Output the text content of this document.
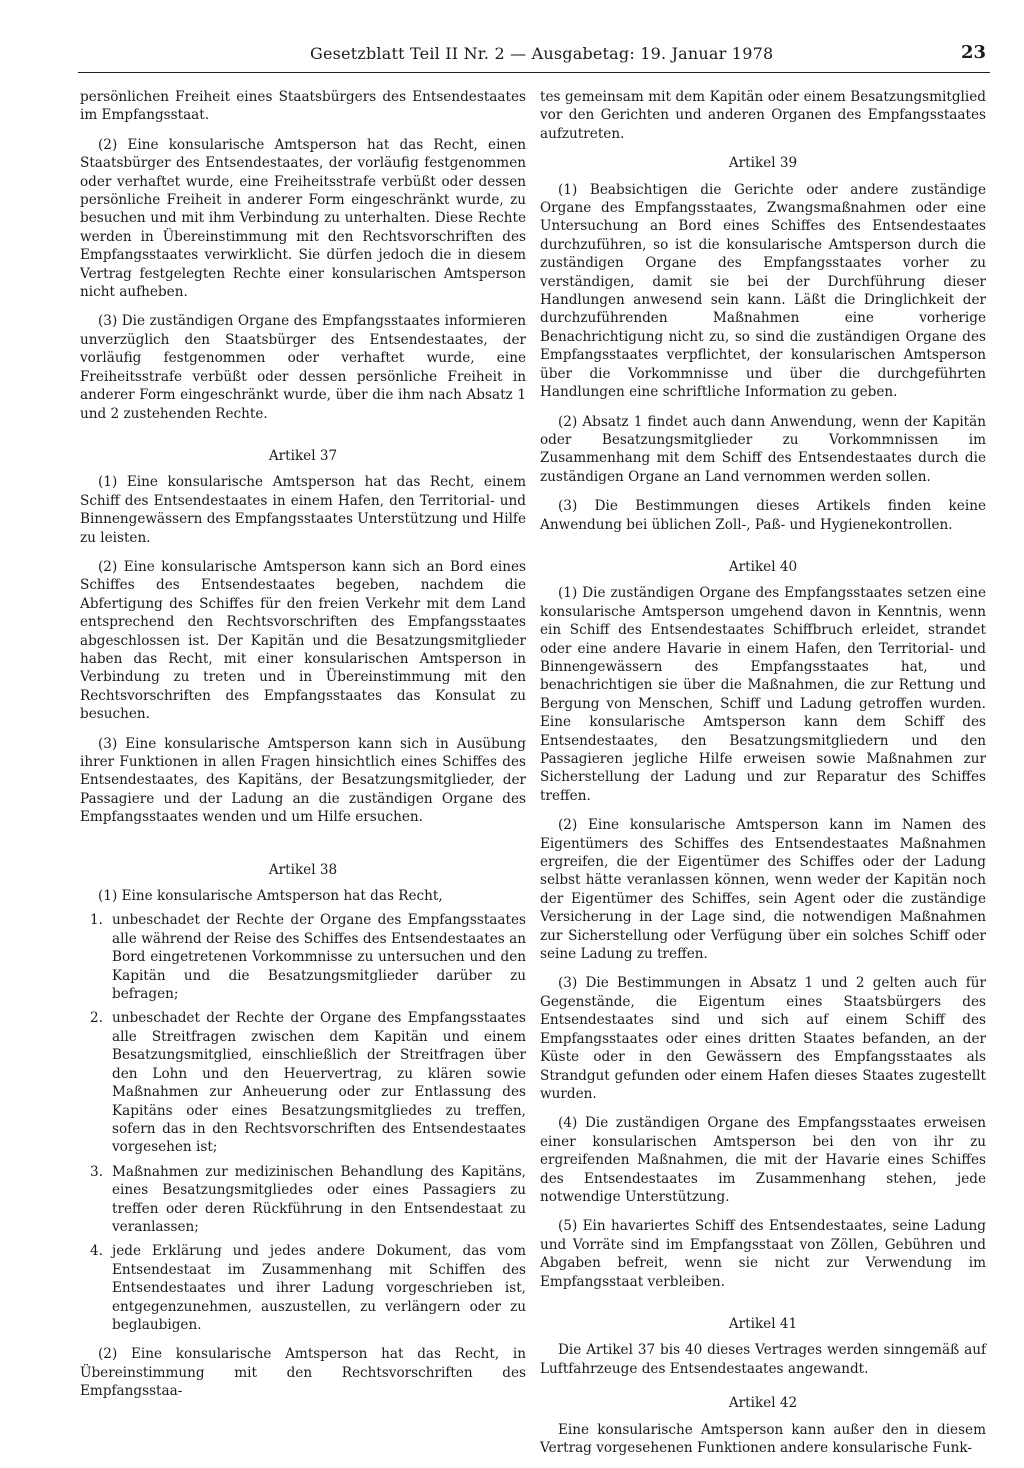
Gesetzblatt Teil II Nr. 2 — Ausgabetag: 19. Januar 1978	23

persönlichen Freiheit eines Staatsbürgers des Entsendestaates im Empfangsstaat.

(2) Eine konsularische Amtsperson hat das Recht, einen Staatsbürger des Entsendestaates, der vorläufig festgenommen oder verhaftet wurde, eine Freiheitsstrafe verbüßt oder dessen persönliche Freiheit in anderer Form eingeschränkt wurde, zu besuchen und mit ihm Verbindung zu unterhalten. Diese Rechte werden in Übereinstimmung mit den Rechtsvorschriften des Empfangsstaates verwirklicht. Sie dürfen jedoch die in diesem Vertrag festgelegten Rechte einer konsularischen Amtsperson nicht aufheben.

(3) Die zuständigen Organe des Empfangsstaates informieren unverzüglich den Staatsbürger des Entsendestaates, der vorläufig festgenommen oder verhaftet wurde, eine Freiheitsstrafe verbüßt oder dessen persönliche Freiheit in anderer Form eingeschränkt wurde, über die ihm nach Absatz 1 und 2 zustehenden Rechte.

Artikel 37

(1) Eine konsularische Amtsperson hat das Recht, einem Schiff des Entsendestaates in einem Hafen, den Territorial- und Binnengewässern des Empfangsstaates Unterstützung und Hilfe zu leisten.

(2) Eine konsularische Amtsperson kann sich an Bord eines Schiffes des Entsendestaates begeben, nachdem die Abfertigung des Schiffes für den freien Verkehr mit dem Land entsprechend den Rechtsvorschriften des Empfangsstaates abgeschlossen ist. Der Kapitän und die Besatzungsmitglieder haben das Recht, mit einer konsularischen Amtsperson in Verbindung zu treten und in Übereinstimmung mit den Rechtsvorschriften des Empfangsstaates das Konsulat zu besuchen.

(3) Eine konsularische Amtsperson kann sich in Ausübung ihrer Funktionen in allen Fragen hinsichtlich eines Schiffes des Entsendestaates, des Kapitäns, der Besatzungsmitglieder, der Passagiere und der Ladung an die zuständigen Organe des Empfangsstaates wenden und um Hilfe ersuchen.

Artikel 38

(1) Eine konsularische Amtsperson hat das Recht,

1. unbeschadet der Rechte der Organe des Empfangsstaates alle während der Reise des Schiffes des Entsendestaates an Bord eingetretenen Vorkommnisse zu untersuchen und den Kapitän und die Besatzungsmitglieder darüber zu befragen;
2. unbeschadet der Rechte der Organe des Empfangsstaates alle Streitfragen zwischen dem Kapitän und einem Besatzungsmitglied, einschließlich der Streitfragen über den Lohn und den Heuervertrag, zu klären sowie Maßnahmen zur Anheuerung oder zur Entlassung des Kapitäns oder eines Besatzungsmitgliedes zu treffen, sofern das in den Rechtsvorschriften des Entsendestaates vorgesehen ist;
3. Maßnahmen zur medizinischen Behandlung des Kapitäns, eines Besatzungsmitgliedes oder eines Passagiers zu treffen oder deren Rückführung in den Entsendestaat zu veranlassen;
4. jede Erklärung und jedes andere Dokument, das vom Entsendestaat im Zusammenhang mit Schiffen des Entsendestaates und ihrer Ladung vorgeschrieben ist, entgegenzunehmen, auszustellen, zu verlängern oder zu beglaubigen.

(2) Eine konsularische Amtsperson hat das Recht, in Übereinstimmung mit den Rechtsvorschriften des Empfangsstaa-

tes gemeinsam mit dem Kapitän oder einem Besatzungsmitglied vor den Gerichten und anderen Organen des Empfangsstaates aufzutreten.

Artikel 39

(1) Beabsichtigen die Gerichte oder andere zuständige Organe des Empfangsstaates, Zwangsmaßnahmen oder eine Untersuchung an Bord eines Schiffes des Entsendestaates durchzuführen, so ist die konsularische Amtsperson durch die zuständigen Organe des Empfangsstaates vorher zu verständigen, damit sie bei der Durchführung dieser Handlungen anwesend sein kann. Läßt die Dringlichkeit der durchzuführenden Maßnahmen eine vorherige Benachrichtigung nicht zu, so sind die zuständigen Organe des Empfangsstaates verpflichtet, der konsularischen Amtsperson über die Vorkommnisse und über die durchgeführten Handlungen eine schriftliche Information zu geben.

(2) Absatz 1 findet auch dann Anwendung, wenn der Kapitän oder Besatzungsmitglieder zu Vorkommnissen im Zusammenhang mit dem Schiff des Entsendestaates durch die zuständigen Organe an Land vernommen werden sollen.

(3) Die Bestimmungen dieses Artikels finden keine Anwendung bei üblichen Zoll-, Paß- und Hygienekontrollen.

Artikel 40

(1) Die zuständigen Organe des Empfangsstaates setzen eine konsularische Amtsperson umgehend davon in Kenntnis, wenn ein Schiff des Entsendestaates Schiffbruch erleidet, strandet oder eine andere Havarie in einem Hafen, den Territorial- und Binnengewässern des Empfangsstaates hat, und benachrichtigen sie über die Maßnahmen, die zur Rettung und Bergung von Menschen, Schiff und Ladung getroffen wurden. Eine konsularische Amtsperson kann dem Schiff des Entsendestaates, den Besatzungsmitgliedern und den Passagieren jegliche Hilfe erweisen sowie Maßnahmen zur Sicherstellung der Ladung und zur Reparatur des Schiffes treffen.

(2) Eine konsularische Amtsperson kann im Namen des Eigentümers des Schiffes des Entsendestaates Maßnahmen ergreifen, die der Eigentümer des Schiffes oder der Ladung selbst hätte veranlassen können, wenn weder der Kapitän noch der Eigentümer des Schiffes, sein Agent oder die zuständige Versicherung in der Lage sind, die notwendigen Maßnahmen zur Sicherstellung oder Verfügung über ein solches Schiff oder seine Ladung zu treffen.

(3) Die Bestimmungen in Absatz 1 und 2 gelten auch für Gegenstände, die Eigentum eines Staatsbürgers des Entsendestaates sind und sich auf einem Schiff des Empfangsstaates oder eines dritten Staates befanden, an der Küste oder in den Gewässern des Empfangsstaates als Strandgut gefunden oder einem Hafen dieses Staates zugestellt wurden.

(4) Die zuständigen Organe des Empfangsstaates erweisen einer konsularischen Amtsperson bei den von ihr zu ergreifenden Maßnahmen, die mit der Havarie eines Schiffes des Entsendestaates im Zusammenhang stehen, jede notwendige Unterstützung.

(5) Ein havariertes Schiff des Entsendestaates, seine Ladung und Vorräte sind im Empfangsstaat von Zöllen, Gebühren und Abgaben befreit, wenn sie nicht zur Verwendung im Empfangsstaat verbleiben.

Artikel 41

Die Artikel 37 bis 40 dieses Vertrages werden sinngemäß auf Luftfahrzeuge des Entsendestaates angewandt.

Artikel 42

Eine konsularische Amtsperson kann außer den in diesem Vertrag vorgesehenen Funktionen andere konsularische Funk-
